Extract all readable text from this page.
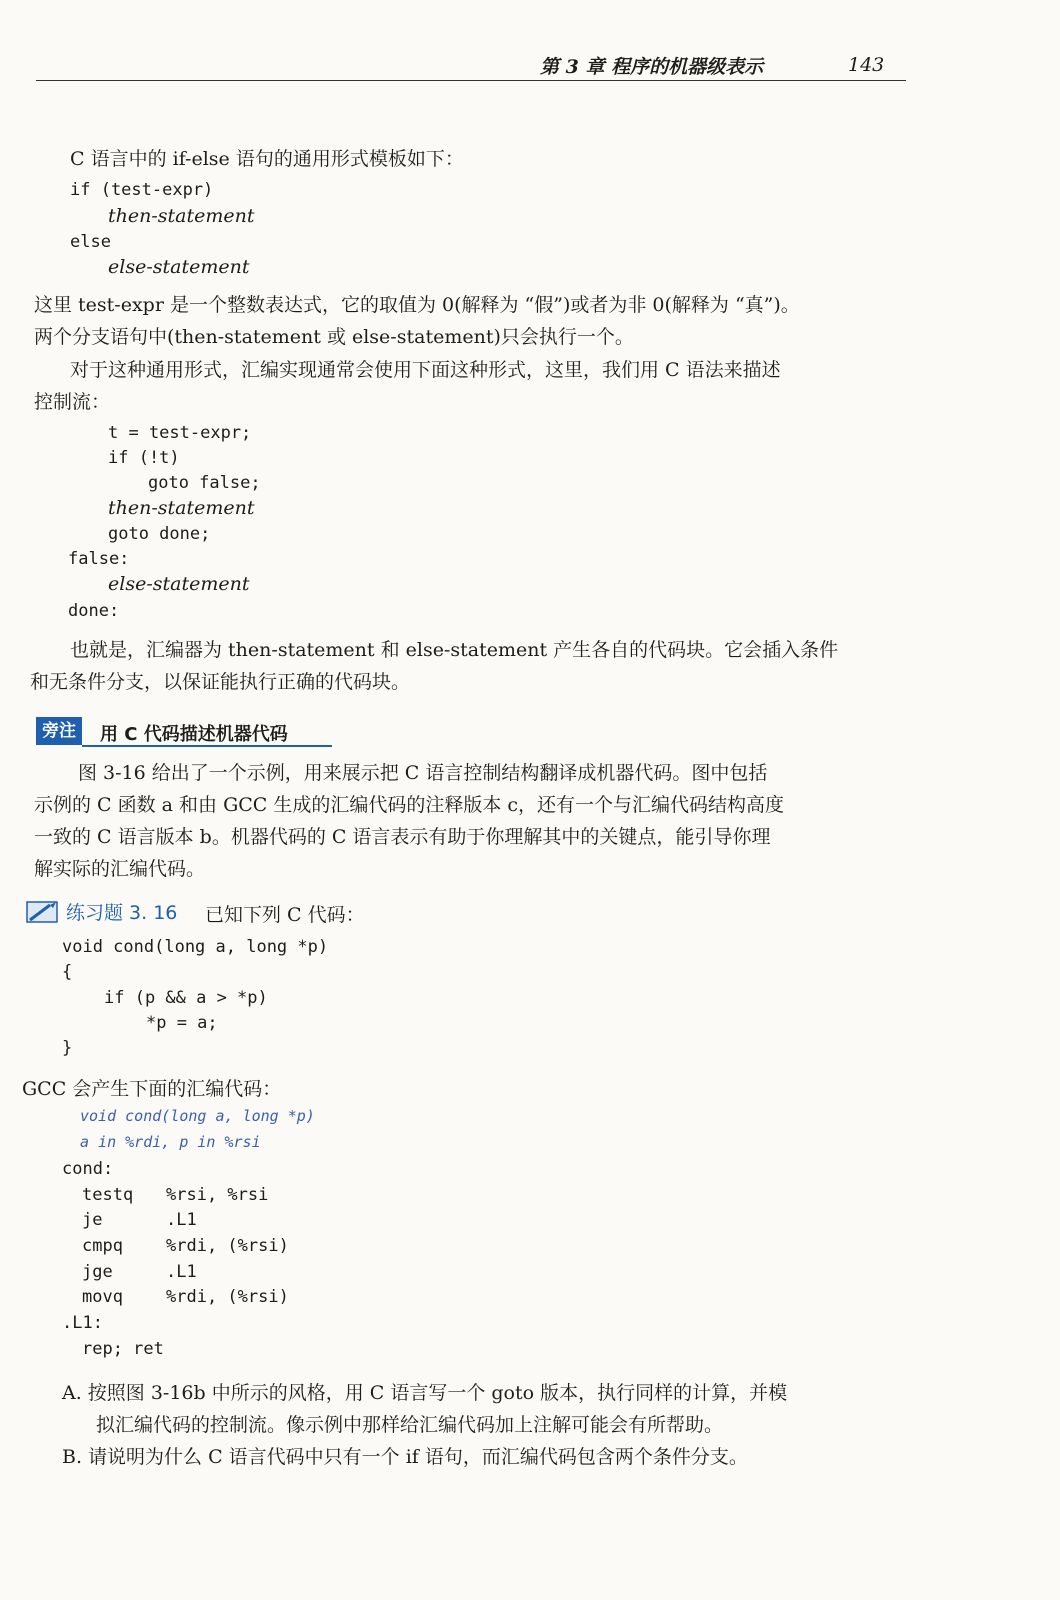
第 3 章 程序的机器级表示	143
C 语言中的 if-else 语句的通用形式模板如下：
if (test-expr)
then-statement
else
else-statement
这里 test-expr 是一个整数表达式，它的取值为 0(解释为 “假”)或者为非 0(解释为 “真”)。
两个分支语句中(then-statement 或 else-statement)只会执行一个。
对于这种通用形式，汇编实现通常会使用下面这种形式，这里，我们用 C 语法来描述
控制流：
t = test-expr;
if (!t)
goto false;
then-statement
goto done;
false:
else-statement
done:
也就是，汇编器为 then-statement 和 else-statement 产生各自的代码块。它会插入条件
和无条件分支，以保证能执行正确的代码块。
旁注	用 C 代码描述机器代码
图 3-16 给出了一个示例，用来展示把 C 语言控制结构翻译成机器代码。图中包括
示例的 C 函数 a 和由 GCC 生成的汇编代码的注释版本 c，还有一个与汇编代码结构高度
一致的 C 语言版本 b。机器代码的 C 语言表示有助于你理解其中的关键点，能引导你理
解实际的汇编代码。
练习题 3. 16 已知下列 C 代码：
void cond(long a, long *p)
{
if (p && a > *p)
*p = a;
}
GCC 会产生下面的汇编代码：
void cond(long a, long *p)
a in %rdi, p in %rsi
cond:
testq %rsi, %rsi
je	.L1
cmpq	%rdi, (%rsi)
jge	.L1
movq	%rdi, (%rsi)
.L1:
rep; ret
A. 按照图 3-16b 中所示的风格，用 C 语言写一个 goto 版本，执行同样的计算，并模
拟汇编代码的控制流。像示例中那样给汇编代码加上注解可能会有所帮助。
B. 请说明为什么 C 语言代码中只有一个 if 语句，而汇编代码包含两个条件分支。
